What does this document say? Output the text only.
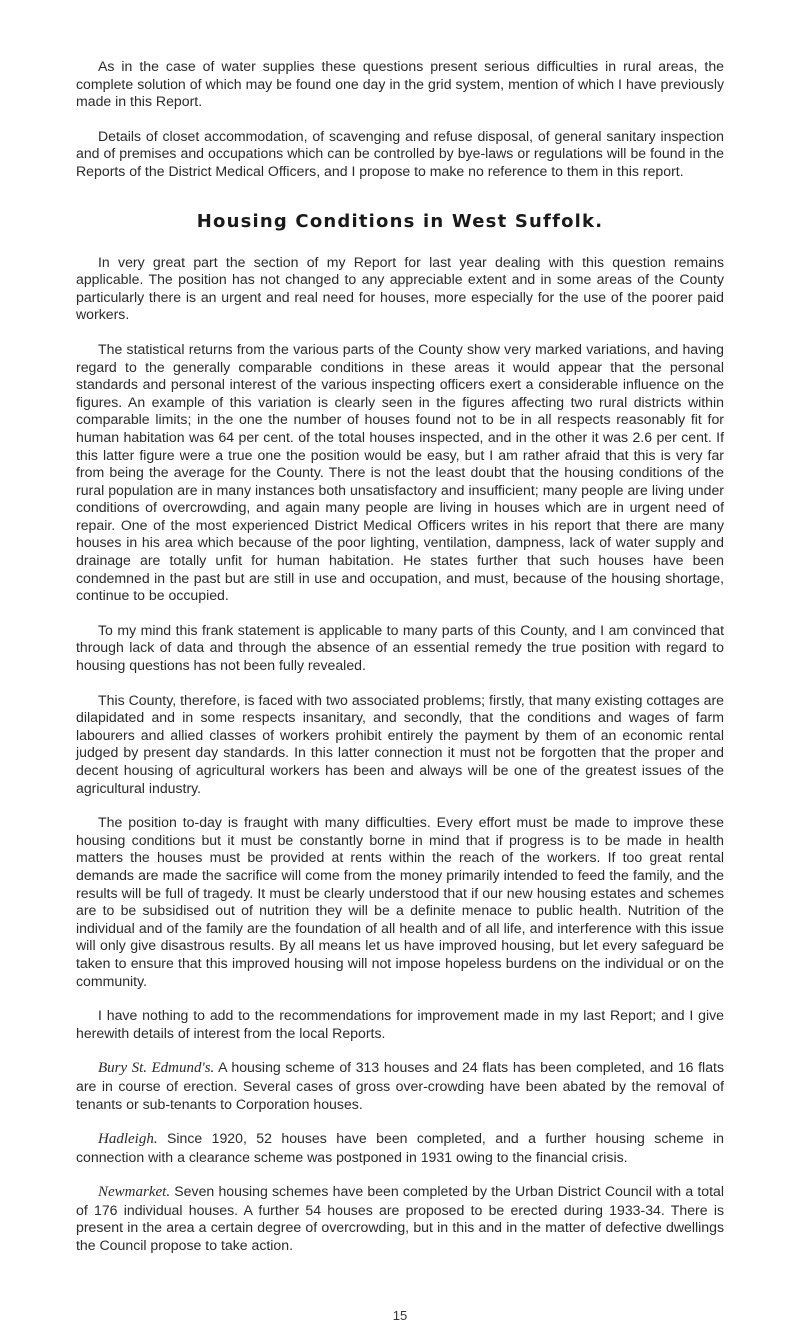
As in the case of water supplies these questions present serious difficulties in rural areas, the complete solution of which may be found one day in the grid system, mention of which I have previously made in this Report.

Details of closet accommodation, of scavenging and refuse disposal, of general sanitary inspection and of premises and occupations which can be controlled by bye-laws or regulations will be found in the Reports of the District Medical Officers, and I propose to make no reference to them in this report.

Housing Conditions in West Suffolk.

In very great part the section of my Report for last year dealing with this question remains applicable. The position has not changed to any appreciable extent and in some areas of the County particularly there is an urgent and real need for houses, more especially for the use of the poorer paid workers.

The statistical returns from the various parts of the County show very marked variations, and having regard to the generally comparable conditions in these areas it would appear that the personal standards and personal interest of the various inspecting officers exert a considerable influence on the figures. An example of this variation is clearly seen in the figures affecting two rural districts within comparable limits; in the one the number of houses found not to be in all respects reasonably fit for human habitation was 64 per cent. of the total houses inspected, and in the other it was 2.6 per cent. If this latter figure were a true one the position would be easy, but I am rather afraid that this is very far from being the average for the County. There is not the least doubt that the housing conditions of the rural population are in many instances both unsatisfactory and insufficient; many people are living under conditions of overcrowding, and again many people are living in houses which are in urgent need of repair. One of the most experienced District Medical Officers writes in his report that there are many houses in his area which because of the poor lighting, ventilation, dampness, lack of water supply and drainage are totally unfit for human habitation. He states further that such houses have been condemned in the past but are still in use and occupation, and must, because of the housing shortage, continue to be occupied.

To my mind this frank statement is applicable to many parts of this County, and I am convinced that through lack of data and through the absence of an essential remedy the true position with regard to housing questions has not been fully revealed.

This County, therefore, is faced with two associated problems; firstly, that many existing cottages are dilapidated and in some respects insanitary, and secondly, that the conditions and wages of farm labourers and allied classes of workers prohibit entirely the payment by them of an economic rental judged by present day standards. In this latter connection it must not be forgotten that the proper and decent housing of agricultural workers has been and always will be one of the greatest issues of the agricultural industry.

The position to-day is fraught with many difficulties. Every effort must be made to improve these housing conditions but it must be constantly borne in mind that if progress is to be made in health matters the houses must be provided at rents within the reach of the workers. If too great rental demands are made the sacrifice will come from the money primarily intended to feed the family, and the results will be full of tragedy. It must be clearly understood that if our new housing estates and schemes are to be subsidised out of nutrition they will be a definite menace to public health. Nutrition of the individual and of the family are the foundation of all health and of all life, and interference with this issue will only give disastrous results. By all means let us have improved housing, but let every safeguard be taken to ensure that this improved housing will not impose hopeless burdens on the individual or on the community.

I have nothing to add to the recommendations for improvement made in my last Report; and I give herewith details of interest from the local Reports.

Bury St. Edmund's. A housing scheme of 313 houses and 24 flats has been completed, and 16 flats are in course of erection. Several cases of gross over-crowding have been abated by the removal of tenants or sub-tenants to Corporation houses.

Hadleigh. Since 1920, 52 houses have been completed, and a further housing scheme in connection with a clearance scheme was postponed in 1931 owing to the financial crisis.

Newmarket. Seven housing schemes have been completed by the Urban District Council with a total of 176 individual houses. A further 54 houses are proposed to be erected during 1933-34. There is present in the area a certain degree of overcrowding, but in this and in the matter of defective dwellings the Council propose to take action.

15
